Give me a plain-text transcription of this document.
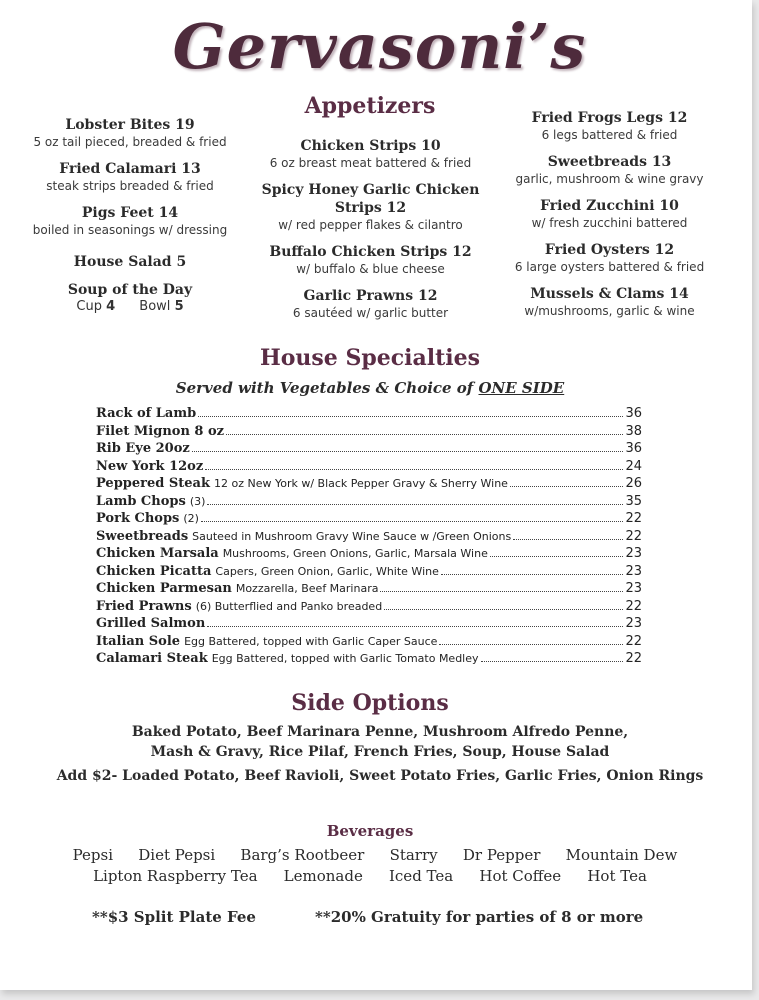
Gervasoni’s
Appetizers
Lobster Bites 19
5 oz tail pieced, breaded & fried
Fried Calamari 13
steak strips breaded & fried
Pigs Feet 14
boiled in seasonings w/ dressing
House Salad 5
Soup of the Day
Cup 4 Bowl 5
Chicken Strips 10
6 oz breast meat battered & fried
Spicy Honey Garlic Chicken Strips 12
w/ red pepper flakes & cilantro
Buffalo Chicken Strips 12
w/ buffalo & blue cheese
Garlic Prawns 12
6 sautéed w/ garlic butter
Fried Frogs Legs 12
6 legs battered & fried
Sweetbreads 13
garlic, mushroom & wine gravy
Fried Zucchini 10
w/ fresh zucchini battered
Fried Oysters 12
6 large oysters battered & fried
Mussels & Clams 14
w/mushrooms, garlic & wine
House Specialties
Served with Vegetables & Choice of ONE SIDE
Rack of Lamb	36
Filet Mignon 8 oz	38
Rib Eye 20oz	36
New York 12oz	24
Peppered Steak 12 oz New York w/ Black Pepper Gravy & Sherry Wine	26
Lamb Chops (3)	35
Pork Chops (2)	22
Sweetbreads Sauteed in Mushroom Gravy Wine Sauce w /Green Onions	22
Chicken Marsala Mushrooms, Green Onions, Garlic, Marsala Wine	23
Chicken Picatta Capers, Green Onion, Garlic, White Wine	23
Chicken Parmesan Mozzarella, Beef Marinara	23
Fried Prawns (6) Butterflied and Panko breaded	22
Grilled Salmon	23
Italian Sole Egg Battered, topped with Garlic Caper Sauce	22
Calamari Steak Egg Battered, topped with Garlic Tomato Medley	22
Side Options
Baked Potato, Beef Marinara Penne, Mushroom Alfredo Penne,
Mash & Gravy, Rice Pilaf, French Fries, Soup, House Salad
Add $2- Loaded Potato, Beef Ravioli, Sweet Potato Fries, Garlic Fries, Onion Rings
Beverages
Pepsi Diet Pepsi Barg’s Rootbeer Starry Dr Pepper Mountain Dew
Lipton Raspberry Tea Lemonade Iced Tea Hot Coffee Hot Tea
**$3 Split Plate Fee	**20% Gratuity for parties of 8 or more
